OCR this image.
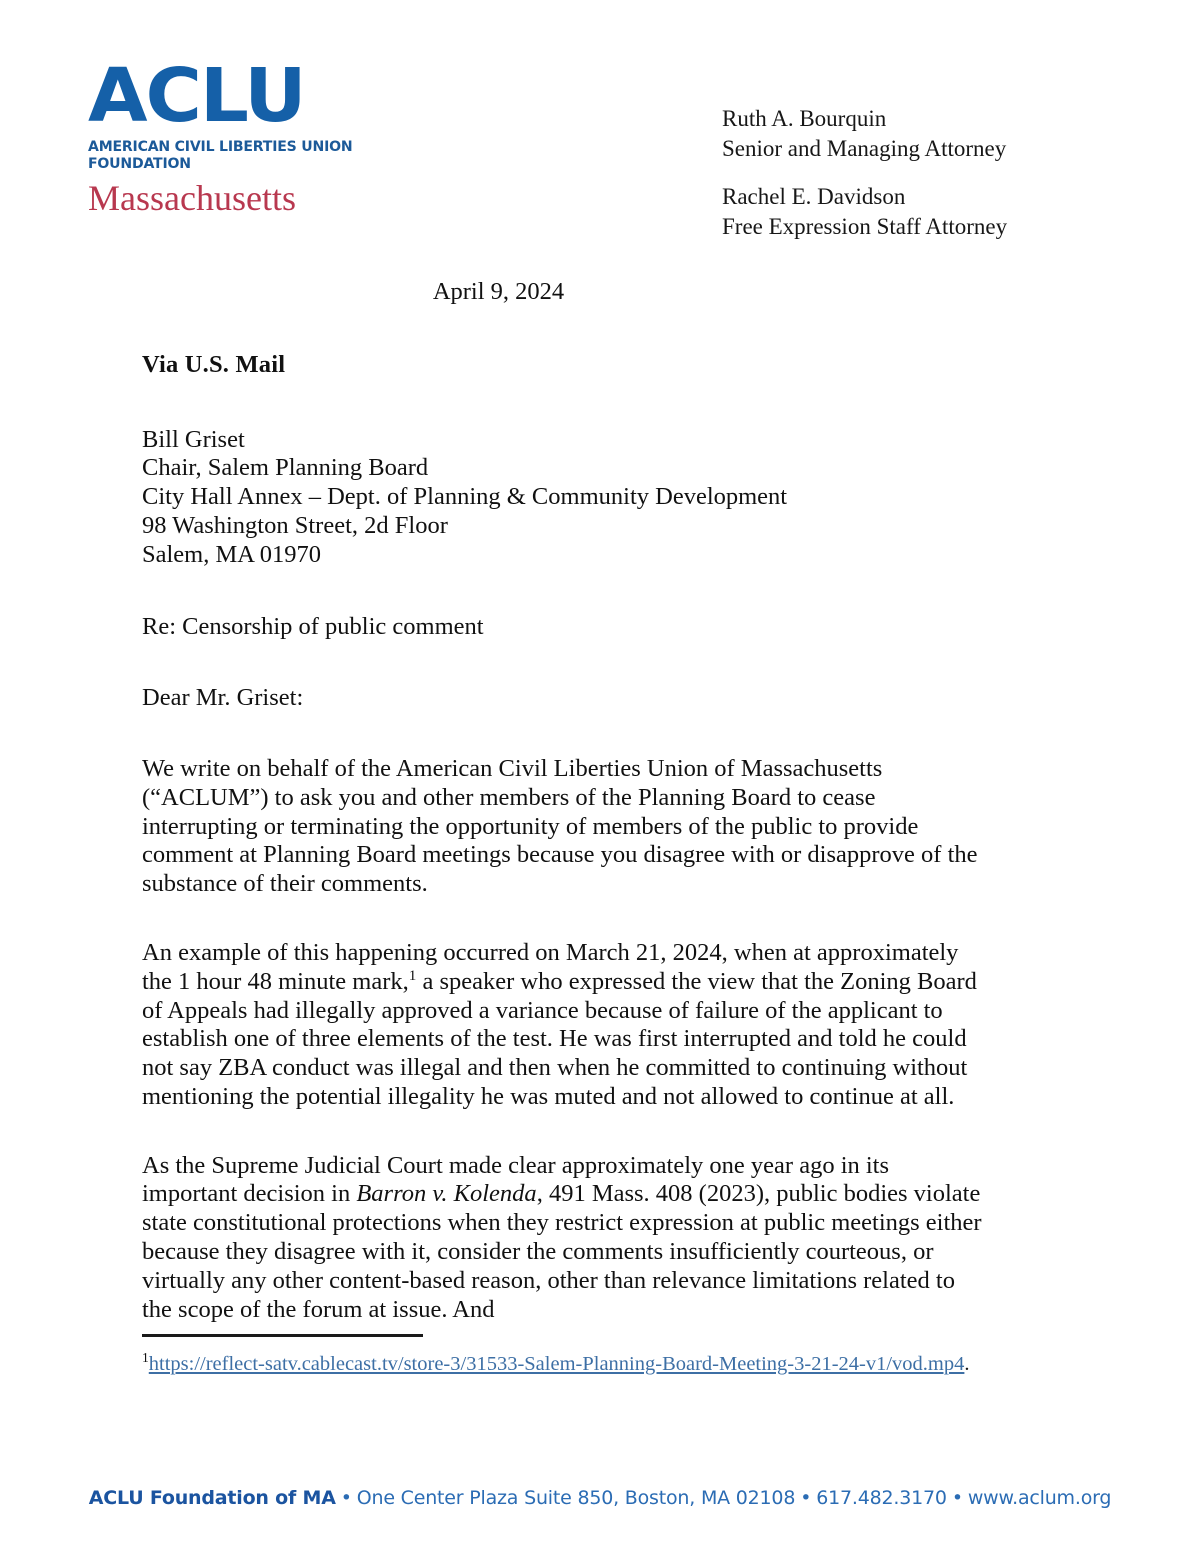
ACLU
AMERICAN CIVIL LIBERTIES UNION
FOUNDATION
Massachusetts
Ruth A. Bourquin
Senior and Managing Attorney
Rachel E. Davidson
Free Expression Staff Attorney
April 9, 2024
Via U.S. Mail
Bill Griset
Chair, Salem Planning Board
City Hall Annex – Dept. of Planning & Community Development
98 Washington Street, 2d Floor
Salem, MA 01970
Re: Censorship of public comment
Dear Mr. Griset:

We write on behalf of the American Civil Liberties Union of Massachusetts (“ACLUM”) to ask you and other members of the Planning Board to cease interrupting or terminating the opportunity of members of the public to provide comment at Planning Board meetings because you disagree with or disapprove of the substance of their comments.

An example of this happening occurred on March 21, 2024, when at approximately the 1 hour 48 minute mark,$^1$ a speaker who expressed the view that the Zoning Board of Appeals had illegally approved a variance because of failure of the applicant to establish one of three elements of the test. He was first interrupted and told he could not say ZBA conduct was illegal and then when he committed to continuing without mentioning the potential illegality he was muted and not allowed to continue at all.

As the Supreme Judicial Court made clear approximately one year ago in its important decision in Barron v. Kolenda, 491 Mass. 408 (2023), public bodies violate state constitutional protections when they restrict expression at public meetings either because they disagree with it, consider the comments insufficiently courteous, or virtually any other content-based reason, other than relevance limitations related to the scope of the forum at issue. And

$^1$https://reflect-satv.cablecast.tv/store-3/31533-Salem-Planning-Board-Meeting-3-21-24-v1/vod.mp4.
ACLU Foundation of MA • One Center Plaza Suite 850, Boston, MA 02108 • 617.482.3170 • www.aclum.org
